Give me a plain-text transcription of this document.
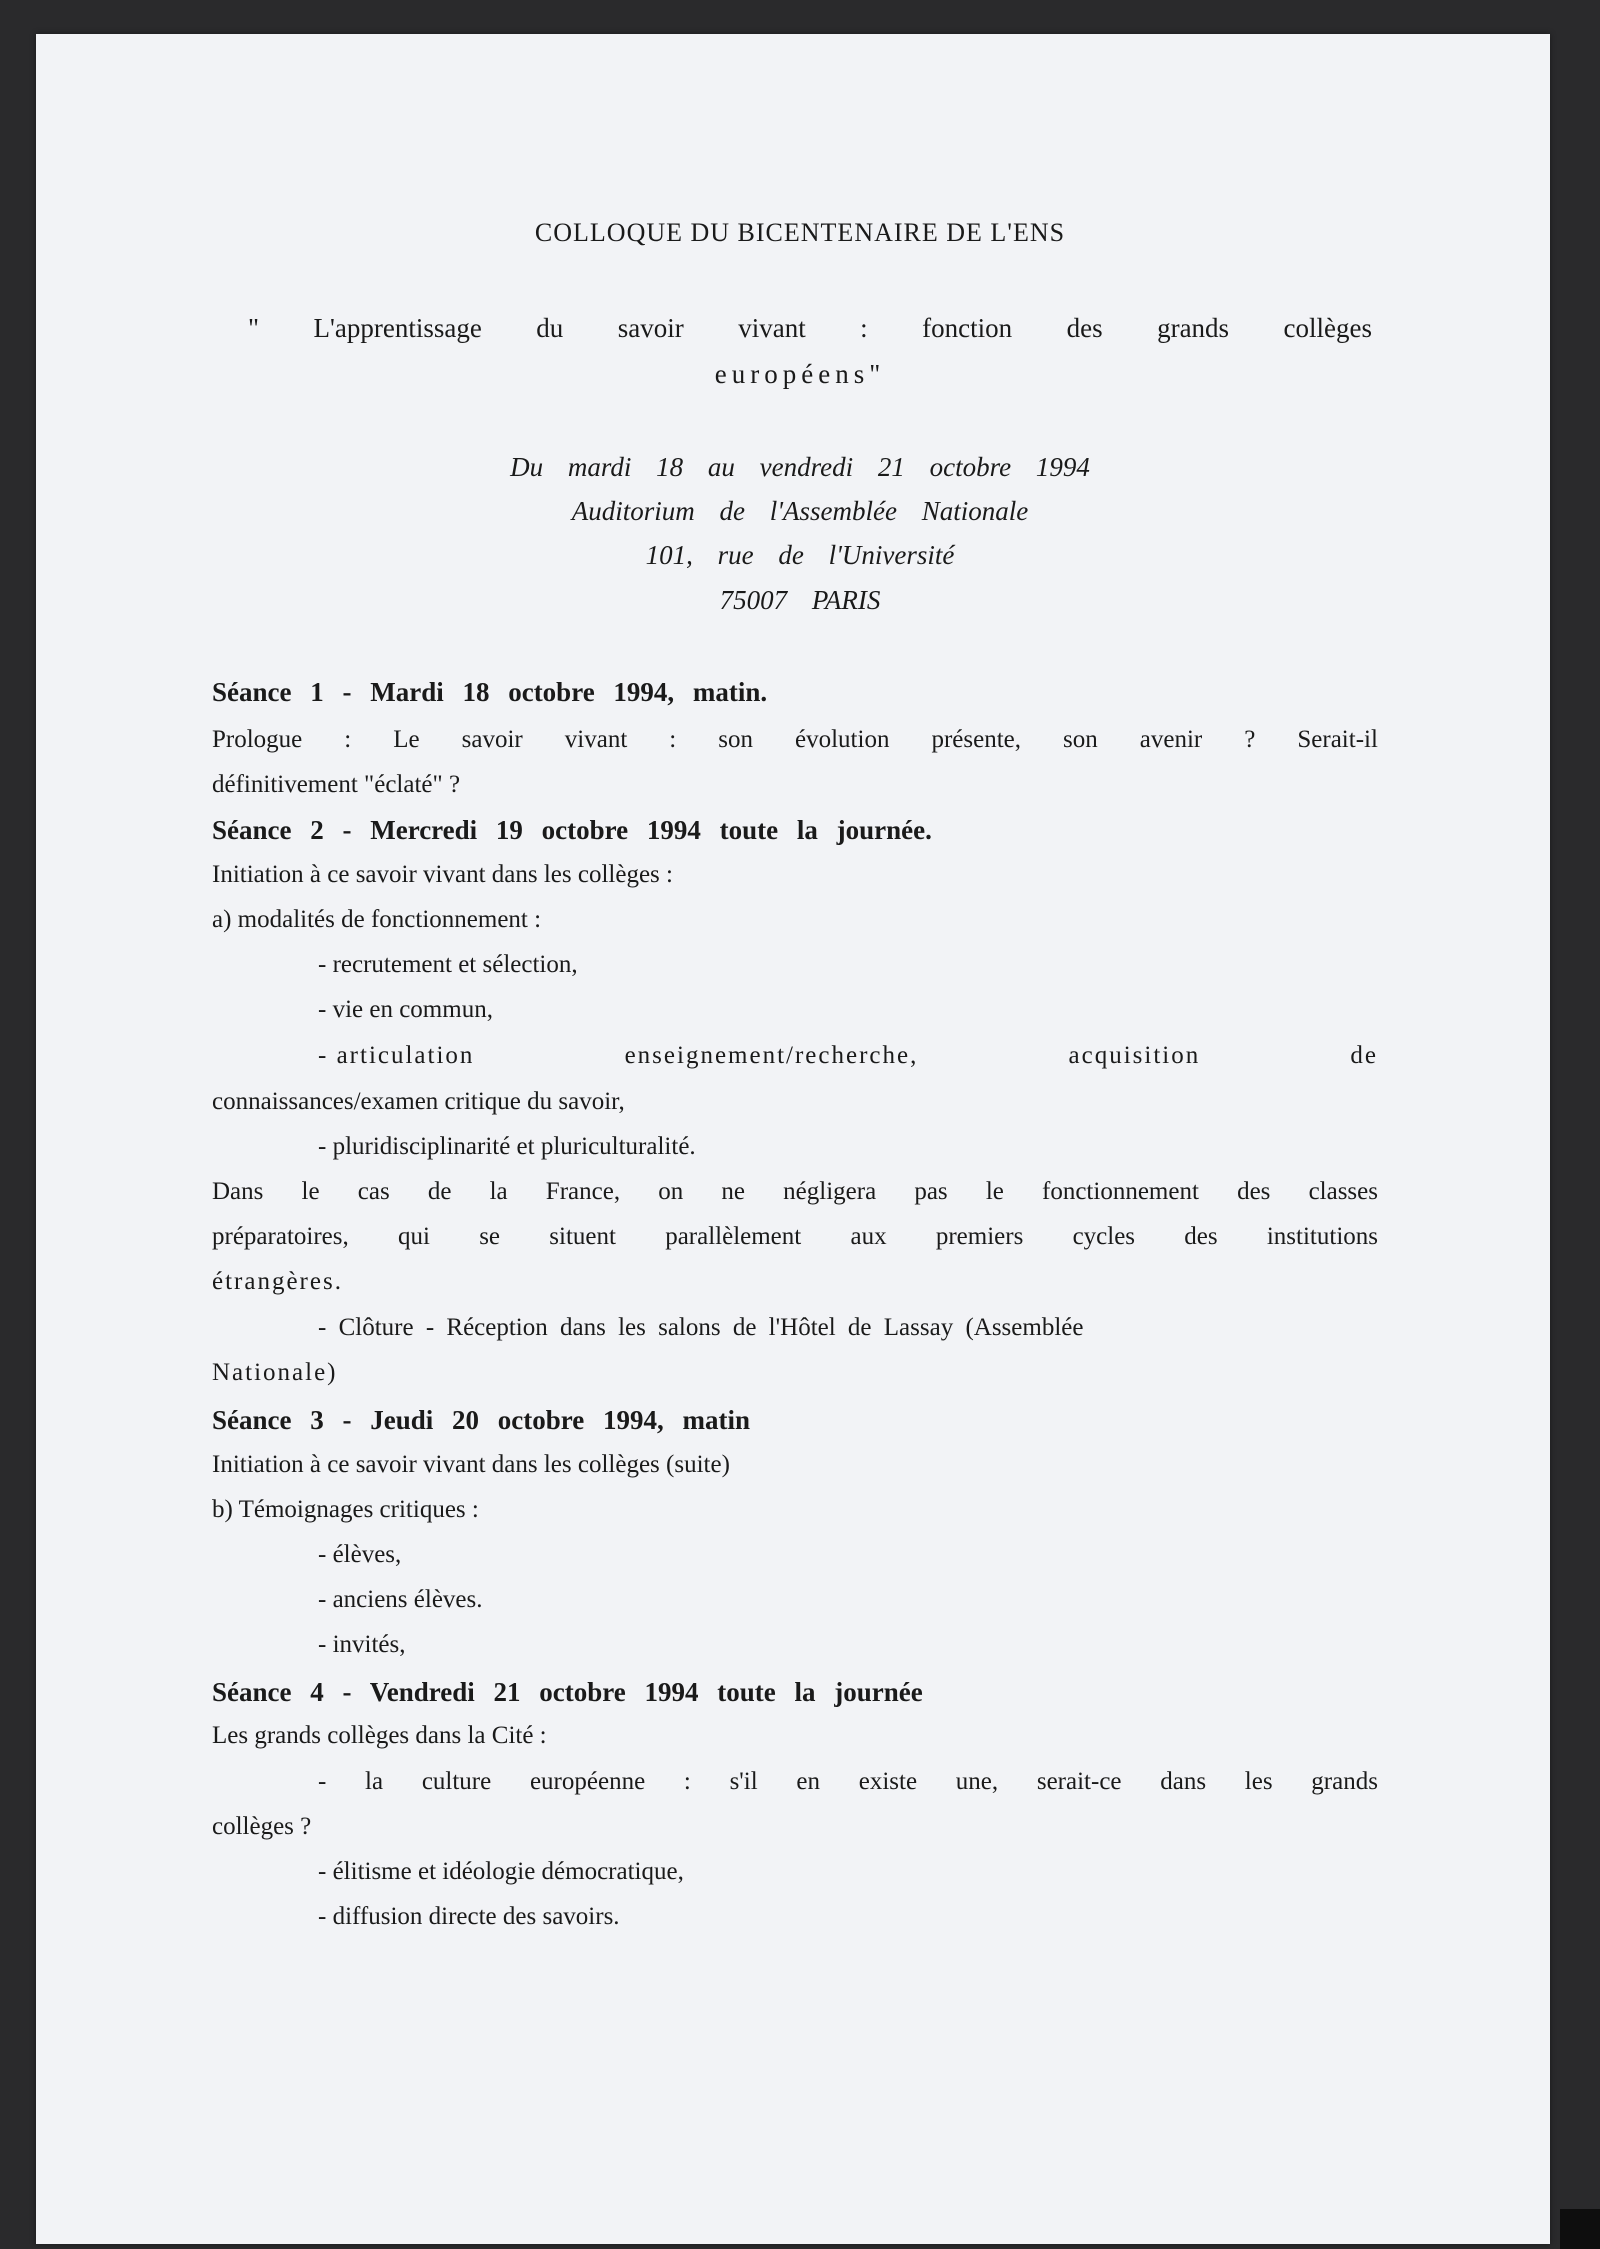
COLLOQUE DU BICENTENAIRE DE L'ENS
" L'apprentissage du savoir vivant : fonction des grands collèges
européens"
Du mardi 18 au vendredi 21 octobre 1994
Auditorium de l'Assemblée Nationale
101, rue de l'Université
75007 PARIS
Séance 1 - Mardi 18 octobre 1994, matin.
Prologue : Le savoir vivant : son évolution présente, son avenir ? Serait-il
définitivement "éclaté" ?
Séance 2 - Mercredi 19 octobre 1994 toute la journée.
Initiation à ce savoir vivant dans les collèges :
a) modalités de fonctionnement :
- recrutement et sélection,
- vie en commun,
- articulation	enseignement/recherche,	acquisition	de
connaissances/examen critique du savoir,
- pluridisciplinarité et pluriculturalité.
Dans le cas de la France, on ne négligera pas le fonctionnement des classes
préparatoires, qui se situent parallèlement aux premiers cycles des institutions
étrangères.
- Clôture - Réception dans les salons de l'Hôtel de Lassay (Assemblée
Nationale)
Séance 3 - Jeudi 20 octobre 1994, matin
Initiation à ce savoir vivant dans les collèges (suite)
b) Témoignages critiques :
- élèves,
- anciens élèves.
- invités,
Séance 4 - Vendredi 21 octobre 1994 toute la journée
Les grands collèges dans la Cité :
- la culture européenne : s'il en existe une, serait-ce dans les grands
collèges ?
- élitisme et idéologie démocratique,
- diffusion directe des savoirs.
